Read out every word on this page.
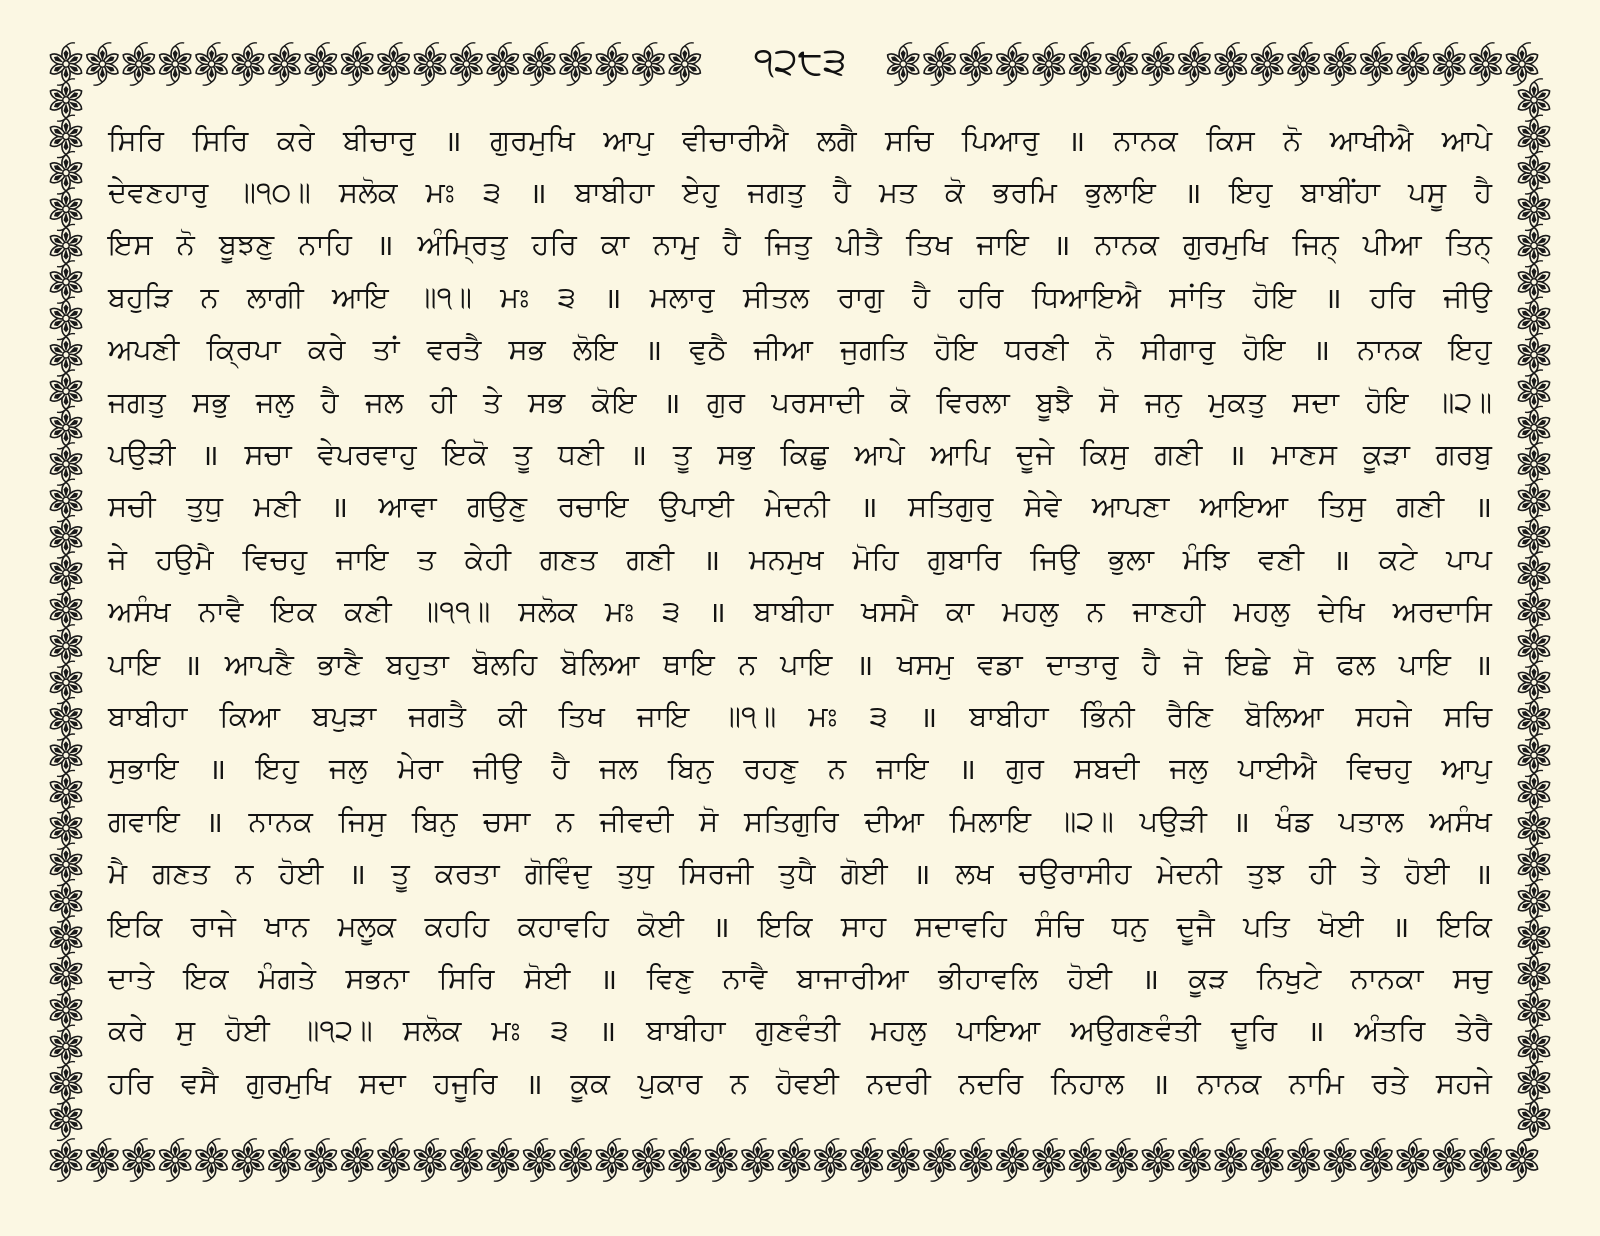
੧੨੮੩
ਸਿਰਿ ਸਿਰਿ ਕਰੇ ਬੀਚਾਰੁ ॥ ਗੁਰਮੁਖਿ ਆਪੁ ਵੀਚਾਰੀਐ ਲਗੈ ਸਚਿ ਪਿਆਰੁ ॥ ਨਾਨਕ ਕਿਸ ਨੋ ਆਖੀਐ ਆਪੇ
ਦੇਵਣਹਾਰੁ ॥੧੦॥ ਸਲੋਕ ਮਃ ੩ ॥ ਬਾਬੀਹਾ ਏਹੁ ਜਗਤੁ ਹੈ ਮਤ ਕੋ ਭਰਮਿ ਭੁਲਾਇ ॥ ਇਹੁ ਬਾਬੀਂਹਾ ਪਸੂ ਹੈ
ਇਸ ਨੋ ਬੂਝਣੁ ਨਾਹਿ ॥ ਅੰਮ੍ਰਿਤੁ ਹਰਿ ਕਾ ਨਾਮੁ ਹੈ ਜਿਤੁ ਪੀਤੈ ਤਿਖ ਜਾਇ ॥ ਨਾਨਕ ਗੁਰਮੁਖਿ ਜਿਨ੍ ਪੀਆ ਤਿਨ੍
ਬਹੁੜਿ ਨ ਲਾਗੀ ਆਇ ॥੧॥ ਮਃ ੩ ॥ ਮਲਾਰੁ ਸੀਤਲ ਰਾਗੁ ਹੈ ਹਰਿ ਧਿਆਇਐ ਸਾਂਤਿ ਹੋਇ ॥ ਹਰਿ ਜੀਉ
ਅਪਣੀ ਕ੍ਰਿਪਾ ਕਰੇ ਤਾਂ ਵਰਤੈ ਸਭ ਲੋਇ ॥ ਵੁਠੈ ਜੀਆ ਜੁਗਤਿ ਹੋਇ ਧਰਣੀ ਨੋ ਸੀਗਾਰੁ ਹੋਇ ॥ ਨਾਨਕ ਇਹੁ
ਜਗਤੁ ਸਭੁ ਜਲੁ ਹੈ ਜਲ ਹੀ ਤੇ ਸਭ ਕੋਇ ॥ ਗੁਰ ਪਰਸਾਦੀ ਕੋ ਵਿਰਲਾ ਬੂਝੈ ਸੋ ਜਨੁ ਮੁਕਤੁ ਸਦਾ ਹੋਇ ॥੨॥
ਪਉੜੀ ॥ ਸਚਾ ਵੇਪਰਵਾਹੁ ਇਕੋ ਤੂ ਧਣੀ ॥ ਤੂ ਸਭੁ ਕਿਛੁ ਆਪੇ ਆਪਿ ਦੂਜੇ ਕਿਸੁ ਗਣੀ ॥ ਮਾਣਸ ਕੂੜਾ ਗਰਬੁ
ਸਚੀ ਤੁਧੁ ਮਣੀ ॥ ਆਵਾ ਗਉਣੁ ਰਚਾਇ ਉਪਾਈ ਮੇਦਨੀ ॥ ਸਤਿਗੁਰੁ ਸੇਵੇ ਆਪਣਾ ਆਇਆ ਤਿਸੁ ਗਣੀ ॥
ਜੇ ਹਉਮੈ ਵਿਚਹੁ ਜਾਇ ਤ ਕੇਹੀ ਗਣਤ ਗਣੀ ॥ ਮਨਮੁਖ ਮੋਹਿ ਗੁਬਾਰਿ ਜਿਉ ਭੁਲਾ ਮੰਝਿ ਵਣੀ ॥ ਕਟੇ ਪਾਪ
ਅਸੰਖ ਨਾਵੈ ਇਕ ਕਣੀ ॥੧੧॥ ਸਲੋਕ ਮਃ ੩ ॥ ਬਾਬੀਹਾ ਖਸਮੈ ਕਾ ਮਹਲੁ ਨ ਜਾਣਹੀ ਮਹਲੁ ਦੇਖਿ ਅਰਦਾਸਿ
ਪਾਇ ॥ ਆਪਣੈ ਭਾਣੈ ਬਹੁਤਾ ਬੋਲਹਿ ਬੋਲਿਆ ਥਾਇ ਨ ਪਾਇ ॥ ਖਸਮੁ ਵਡਾ ਦਾਤਾਰੁ ਹੈ ਜੋ ਇਛੇ ਸੋ ਫਲ ਪਾਇ ॥
ਬਾਬੀਹਾ ਕਿਆ ਬਪੁੜਾ ਜਗਤੈ ਕੀ ਤਿਖ ਜਾਇ ॥੧॥ ਮਃ ੩ ॥ ਬਾਬੀਹਾ ਭਿੰਨੀ ਰੈਣਿ ਬੋਲਿਆ ਸਹਜੇ ਸਚਿ
ਸੁਭਾਇ ॥ ਇਹੁ ਜਲੁ ਮੇਰਾ ਜੀਉ ਹੈ ਜਲ ਬਿਨੁ ਰਹਣੁ ਨ ਜਾਇ ॥ ਗੁਰ ਸਬਦੀ ਜਲੁ ਪਾਈਐ ਵਿਚਹੁ ਆਪੁ
ਗਵਾਇ ॥ ਨਾਨਕ ਜਿਸੁ ਬਿਨੁ ਚਸਾ ਨ ਜੀਵਦੀ ਸੋ ਸਤਿਗੁਰਿ ਦੀਆ ਮਿਲਾਇ ॥੨॥ ਪਉੜੀ ॥ ਖੰਡ ਪਤਾਲ ਅਸੰਖ
ਮੈ ਗਣਤ ਨ ਹੋਈ ॥ ਤੂ ਕਰਤਾ ਗੋਵਿੰਦੁ ਤੁਧੁ ਸਿਰਜੀ ਤੁਧੈ ਗੋਈ ॥ ਲਖ ਚਉਰਾਸੀਹ ਮੇਦਨੀ ਤੁਝ ਹੀ ਤੇ ਹੋਈ ॥
ਇਕਿ ਰਾਜੇ ਖਾਨ ਮਲੂਕ ਕਹਹਿ ਕਹਾਵਹਿ ਕੋਈ ॥ ਇਕਿ ਸਾਹ ਸਦਾਵਹਿ ਸੰਚਿ ਧਨੁ ਦੂਜੈ ਪਤਿ ਖੋਈ ॥ ਇਕਿ
ਦਾਤੇ ਇਕ ਮੰਗਤੇ ਸਭਨਾ ਸਿਰਿ ਸੋਈ ॥ ਵਿਣੁ ਨਾਵੈ ਬਾਜਾਰੀਆ ਭੀਹਾਵਲਿ ਹੋਈ ॥ ਕੂੜ ਨਿਖੁਟੇ ਨਾਨਕਾ ਸਚੁ
ਕਰੇ ਸੁ ਹੋਈ ॥੧੨॥ ਸਲੋਕ ਮਃ ੩ ॥ ਬਾਬੀਹਾ ਗੁਣਵੰਤੀ ਮਹਲੁ ਪਾਇਆ ਅਉਗਣਵੰਤੀ ਦੂਰਿ ॥ ਅੰਤਰਿ ਤੇਰੈ
ਹਰਿ ਵਸੈ ਗੁਰਮੁਖਿ ਸਦਾ ਹਜੂਰਿ ॥ ਕੂਕ ਪੁਕਾਰ ਨ ਹੋਵਈ ਨਦਰੀ ਨਦਰਿ ਨਿਹਾਲ ॥ ਨਾਨਕ ਨਾਮਿ ਰਤੇ ਸਹਜੇ
